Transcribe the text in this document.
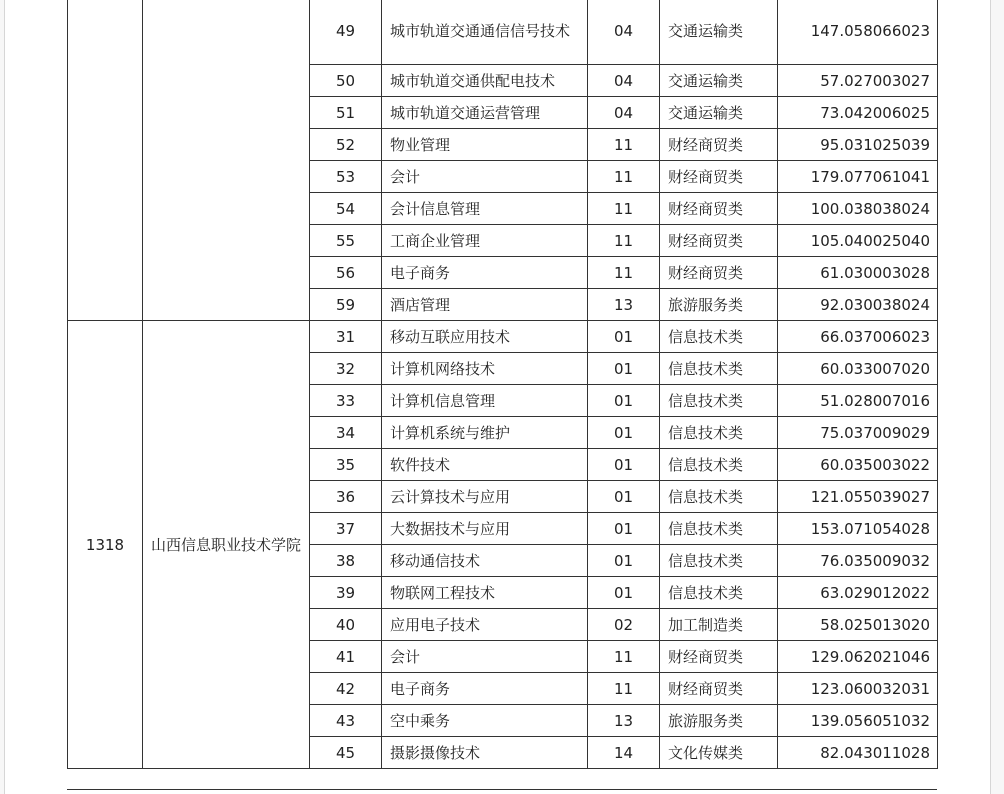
		49	城市轨道交通通信信号技术	04	交通运输类	147.058066023
		50	城市轨道交通供配电技术	04	交通运输类	57.027003027
		51	城市轨道交通运营管理	04	交通运输类	73.042006025
		52	物业管理	11	财经商贸类	95.031025039
		53	会计	11	财经商贸类	179.077061041
		54	会计信息管理	11	财经商贸类	100.038038024
		55	工商企业管理	11	财经商贸类	105.040025040
		56	电子商务	11	财经商贸类	61.030003028
		59	酒店管理	13	旅游服务类	92.030038024
1318	山西信息职业技术学院	31	移动互联应用技术	01	信息技术类	66.037006023
		32	计算机网络技术	01	信息技术类	60.033007020
		33	计算机信息管理	01	信息技术类	51.028007016
		34	计算机系统与维护	01	信息技术类	75.037009029
		35	软件技术	01	信息技术类	60.035003022
		36	云计算技术与应用	01	信息技术类	121.055039027
		37	大数据技术与应用	01	信息技术类	153.071054028
		38	移动通信技术	01	信息技术类	76.035009032
		39	物联网工程技术	01	信息技术类	63.029012022
		40	应用电子技术	02	加工制造类	58.025013020
		41	会计	11	财经商贸类	129.062021046
		42	电子商务	11	财经商贸类	123.060032031
		43	空中乘务	13	旅游服务类	139.056051032
		45	摄影摄像技术	14	文化传媒类	82.043011028
